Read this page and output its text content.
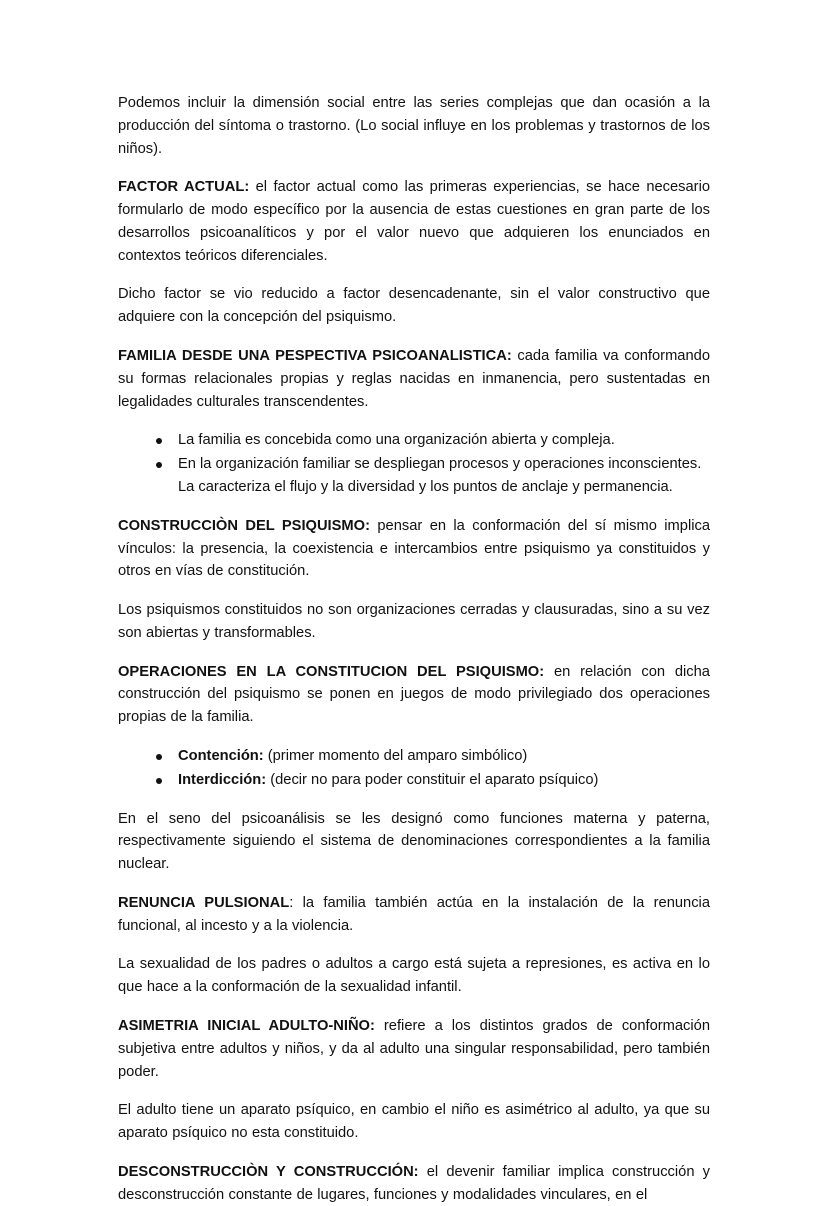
Podemos incluir la dimensión social entre las series complejas que dan ocasión a la producción del síntoma o trastorno. (Lo social influye en los problemas y trastornos de los niños).

FACTOR ACTUAL: el factor actual como las primeras experiencias, se hace necesario formularlo de modo específico por la ausencia de estas cuestiones en gran parte de los desarrollos psicoanalíticos y por el valor nuevo que adquieren los enunciados en contextos teóricos diferenciales.

Dicho factor se vio reducido a factor desencadenante, sin el valor constructivo que adquiere con la concepción del psiquismo.

FAMILIA DESDE UNA PESPECTIVA PSICOANALISTICA: cada familia va conformando su formas relacionales propias y reglas nacidas en inmanencia, pero sustentadas en legalidades culturales transcendentes.

La familia es concebida como una organización abierta y compleja.
En la organización familiar se despliegan procesos y operaciones inconscientes. La caracteriza el flujo y la diversidad y los puntos de anclaje y permanencia.

CONSTRUCCIÒN DEL PSIQUISMO: pensar en la conformación del sí mismo implica vínculos: la presencia, la coexistencia e intercambios entre psiquismo ya constituidos y otros en vías de constitución.

Los psiquismos constituidos no son organizaciones cerradas y clausuradas, sino a su vez son abiertas y transformables.

OPERACIONES EN LA CONSTITUCION DEL PSIQUISMO: en relación con dicha construcción del psiquismo se ponen en juegos de modo privilegiado dos operaciones propias de la familia.

Contención: (primer momento del amparo simbólico)
Interdicción: (decir no para poder constituir el aparato psíquico)

En el seno del psicoanálisis se les designó como funciones materna y paterna, respectivamente siguiendo el sistema de denominaciones correspondientes a la familia nuclear.

RENUNCIA PULSIONAL: la familia también actúa en la instalación de la renuncia funcional, al incesto y a la violencia.

La sexualidad de los padres o adultos a cargo está sujeta a represiones, es activa en lo que hace a la conformación de la sexualidad infantil.

ASIMETRIA INICIAL ADULTO-NIÑO: refiere a los distintos grados de conformación subjetiva entre adultos y niños, y da al adulto una singular responsabilidad, pero también poder.

El adulto tiene un aparato psíquico, en cambio el niño es asimétrico al adulto, ya que su aparato psíquico no esta constituido.

DESCONSTRUCCIÒN Y CONSTRUCCIÓN: el devenir familiar implica construcción y desconstrucción constante de lugares, funciones y modalidades vinculares, en el
